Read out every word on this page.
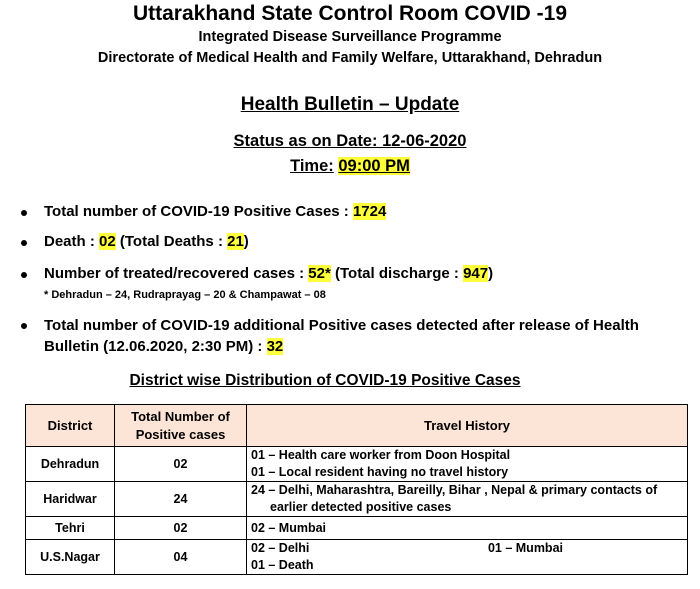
Uttarakhand State Control Room COVID -19
Integrated Disease Surveillance Programme
Directorate of Medical Health and Family Welfare, Uttarakhand, Dehradun
Health Bulletin – Update
Status as on Date: 12-06-2020
Time: 09:00 PM
Total number of COVID-19 Positive Cases : 1724
Death : 02 (Total Deaths : 21)
Number of treated/recovered cases : 52* (Total discharge : 947)
* Dehradun – 24, Rudraprayag – 20 & Champawat – 08
Total number of COVID-19 additional Positive cases detected after release of Health Bulletin (12.06.2020, 2:30 PM) : 32
District wise Distribution of COVID-19 Positive Cases
District	Total Number of Positive cases	Travel History
Dehradun	02	01 – Health care worker from Doon Hospital
01 – Local resident having no travel history

Haridwar	24	24 – Delhi, Maharashtra, Bareilly, Bihar , Nepal & primary contacts of
earlier detected positive cases

Tehri	02	02 – Mumbai

U.S.Nagar	04	02 – Delhi 01 – Mumbai
01 – Death
